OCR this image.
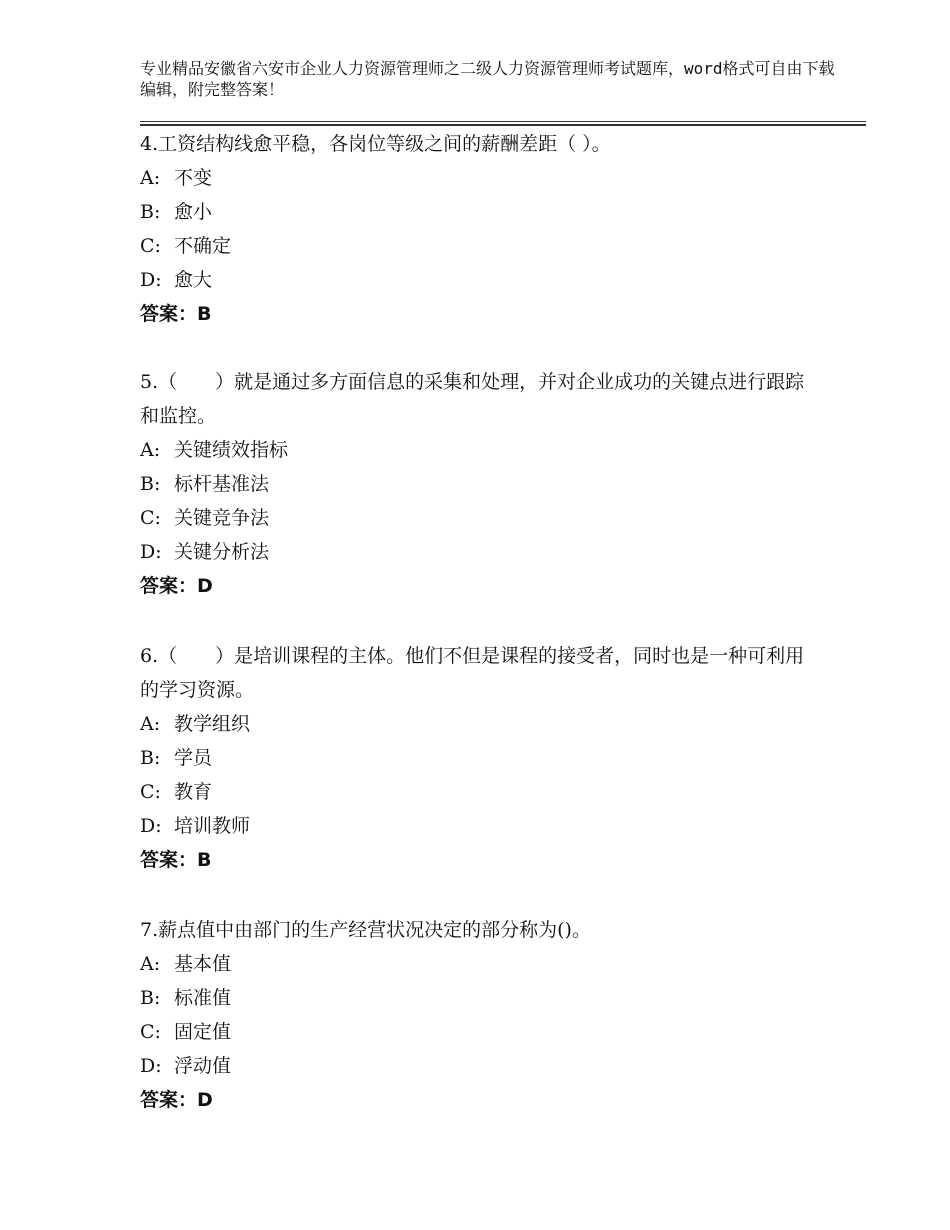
专业精品安徽省六安市企业人力资源管理师之二级人力资源管理师考试题库，word格式可自由下载编辑，附完整答案！

4.工资结构线愈平稳，各岗位等级之间的薪酬差距（ ）。

A: 不变
B: 愈小
C: 不确定
D: 愈大
答案：B

5.（　　）就是通过多方面信息的采集和处理，并对企业成功的关键点进行跟踪和监控。

A: 关键绩效指标
B: 标杆基准法
C: 关键竞争法
D: 关键分析法
答案：D

6.（　　）是培训课程的主体。他们不但是课程的接受者，同时也是一种可利用的学习资源。

A: 教学组织
B: 学员
C: 教育
D: 培训教师
答案：B

7.薪点值中由部门的生产经营状况决定的部分称为()。

A: 基本值
B: 标准值
C: 固定值
D: 浮动值
答案：D
